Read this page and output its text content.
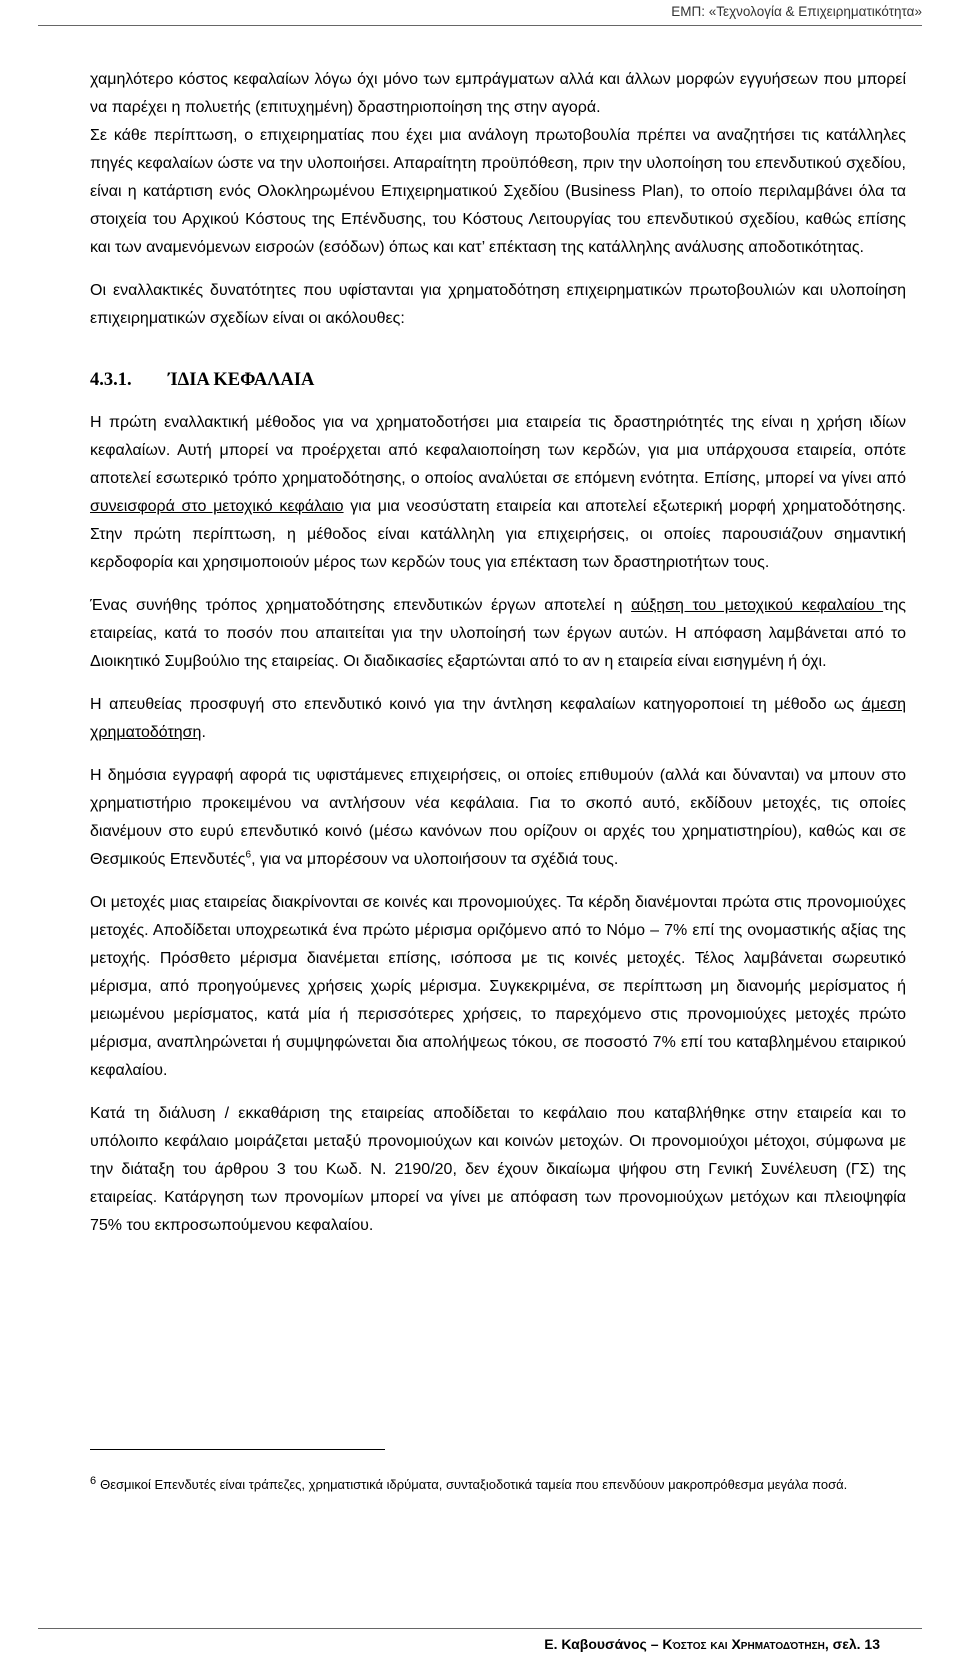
ΕΜΠ: «Τεχνολογία & Επιχειρηματικότητα»

χαμηλότερο κόστος κεφαλαίων λόγω όχι μόνο των εμπράγματων αλλά και άλλων μορφών εγγυήσεων που μπορεί να παρέχει η πολυετής (επιτυχημένη) δραστηριοποίηση της στην αγορά.

Σε κάθε περίπτωση, ο επιχειρηματίας που έχει μια ανάλογη πρωτοβουλία πρέπει να αναζητήσει τις κατάλληλες πηγές κεφαλαίων ώστε να την υλοποιήσει. Απαραίτητη προϋπόθεση, πριν την υλοποίηση του επενδυτικού σχεδίου, είναι η κατάρτιση ενός Ολοκληρωμένου Επιχειρηματικού Σχεδίου (Business Plan), το οποίο περιλαμβάνει όλα τα στοιχεία του Αρχικού Κόστους της Επένδυσης, του Κόστους Λειτουργίας του επενδυτικού σχεδίου, καθώς επίσης και των αναμενόμενων εισροών (εσόδων) όπως και κατ’ επέκταση της κατάλληλης ανάλυσης αποδοτικότητας.

Οι εναλλακτικές δυνατότητες που υφίστανται για χρηματοδότηση επιχειρηματικών πρωτοβουλιών και υλοποίηση επιχειρηματικών σχεδίων είναι οι ακόλουθες:

4.3.1. ΊΔΙΑ ΚΕΦΑΛΑΙΑ

Η πρώτη εναλλακτική μέθοδος για να χρηματοδοτήσει μια εταιρεία τις δραστηριότητές της είναι η χρήση ιδίων κεφαλαίων. Αυτή μπορεί να προέρχεται από κεφαλαιοποίηση των κερδών, για μια υπάρχουσα εταιρεία, οπότε αποτελεί εσωτερικό τρόπο χρηματοδότησης, ο οποίος αναλύεται σε επόμενη ενότητα. Επίσης, μπορεί να γίνει από συνεισφορά στο μετοχικό κεφάλαιο για μια νεοσύστατη εταιρεία και αποτελεί εξωτερική μορφή χρηματοδότησης. Στην πρώτη περίπτωση, η μέθοδος είναι κατάλληλη για επιχειρήσεις, οι οποίες παρουσιάζουν σημαντική κερδοφορία και χρησιμοποιούν μέρος των κερδών τους για επέκταση των δραστηριοτήτων τους.

Ένας συνήθης τρόπος χρηματοδότησης επενδυτικών έργων αποτελεί η αύξηση του μετοχικού κεφαλαίου της εταιρείας, κατά το ποσόν που απαιτείται για την υλοποίησή των έργων αυτών. Η απόφαση λαμβάνεται από το Διοικητικό Συμβούλιο της εταιρείας. Οι διαδικασίες εξαρτώνται από το αν η εταιρεία είναι εισηγμένη ή όχι.

Η απευθείας προσφυγή στο επενδυτικό κοινό για την άντληση κεφαλαίων κατηγοροποιεί τη μέθοδο ως άμεση χρηματοδότηση.

Η δημόσια εγγραφή αφορά τις υφιστάμενες επιχειρήσεις, οι οποίες επιθυμούν (αλλά και δύνανται) να μπουν στο χρηματιστήριο προκειμένου να αντλήσουν νέα κεφάλαια. Για το σκοπό αυτό, εκδίδουν μετοχές, τις οποίες διανέμουν στο ευρύ επενδυτικό κοινό (μέσω κανόνων που ορίζουν οι αρχές του χρηματιστηρίου), καθώς και σε Θεσμικούς Επενδυτές$^6$, για να μπορέσουν να υλοποιήσουν τα σχέδιά τους.

Οι μετοχές μιας εταιρείας διακρίνονται σε κοινές και προνομιούχες. Τα κέρδη διανέμονται πρώτα στις προνομιούχες μετοχές. Αποδίδεται υποχρεωτικά ένα πρώτο μέρισμα οριζόμενο από το Νόμο – 7% επί της ονομαστικής αξίας της μετοχής. Πρόσθετο μέρισμα διανέμεται επίσης, ισόποσα με τις κοινές μετοχές. Τέλος λαμβάνεται σωρευτικό μέρισμα, από προηγούμενες χρήσεις χωρίς μέρισμα. Συγκεκριμένα, σε περίπτωση μη διανομής μερίσματος ή μειωμένου μερίσματος, κατά μία ή περισσότερες χρήσεις, το παρεχόμενο στις προνομιούχες μετοχές πρώτο μέρισμα, αναπληρώνεται ή συμψηφώνεται δια απολήψεως τόκου, σε ποσοστό 7% επί του καταβλημένου εταιρικού κεφαλαίου.

Κατά τη διάλυση / εκκαθάριση της εταιρείας αποδίδεται το κεφάλαιο που καταβλήθηκε στην εταιρεία και το υπόλοιπο κεφάλαιο μοιράζεται μεταξύ προνομιούχων και κοινών μετοχών. Οι προνομιούχοι μέτοχοι, σύμφωνα με την διάταξη του άρθρου 3 του Κωδ. Ν. 2190/20, δεν έχουν δικαίωμα ψήφου στη Γενική Συνέλευση (ΓΣ) της εταιρείας. Κατάργηση των προνομίων μπορεί να γίνει με απόφαση των προνομιούχων μετόχων και πλειοψηφία 75% του εκπροσωπούμενου κεφαλαίου.

$^6$ Θεσμικοί Επενδυτές είναι τράπεζες, χρηματιστικά ιδρύματα, συνταξιοδοτικά ταμεία που επενδύουν μακροπρόθεσμα μεγάλα ποσά.
Ε. Καβουσάνος – Κόστος και Χρηματοδότηση, σελ. 13
